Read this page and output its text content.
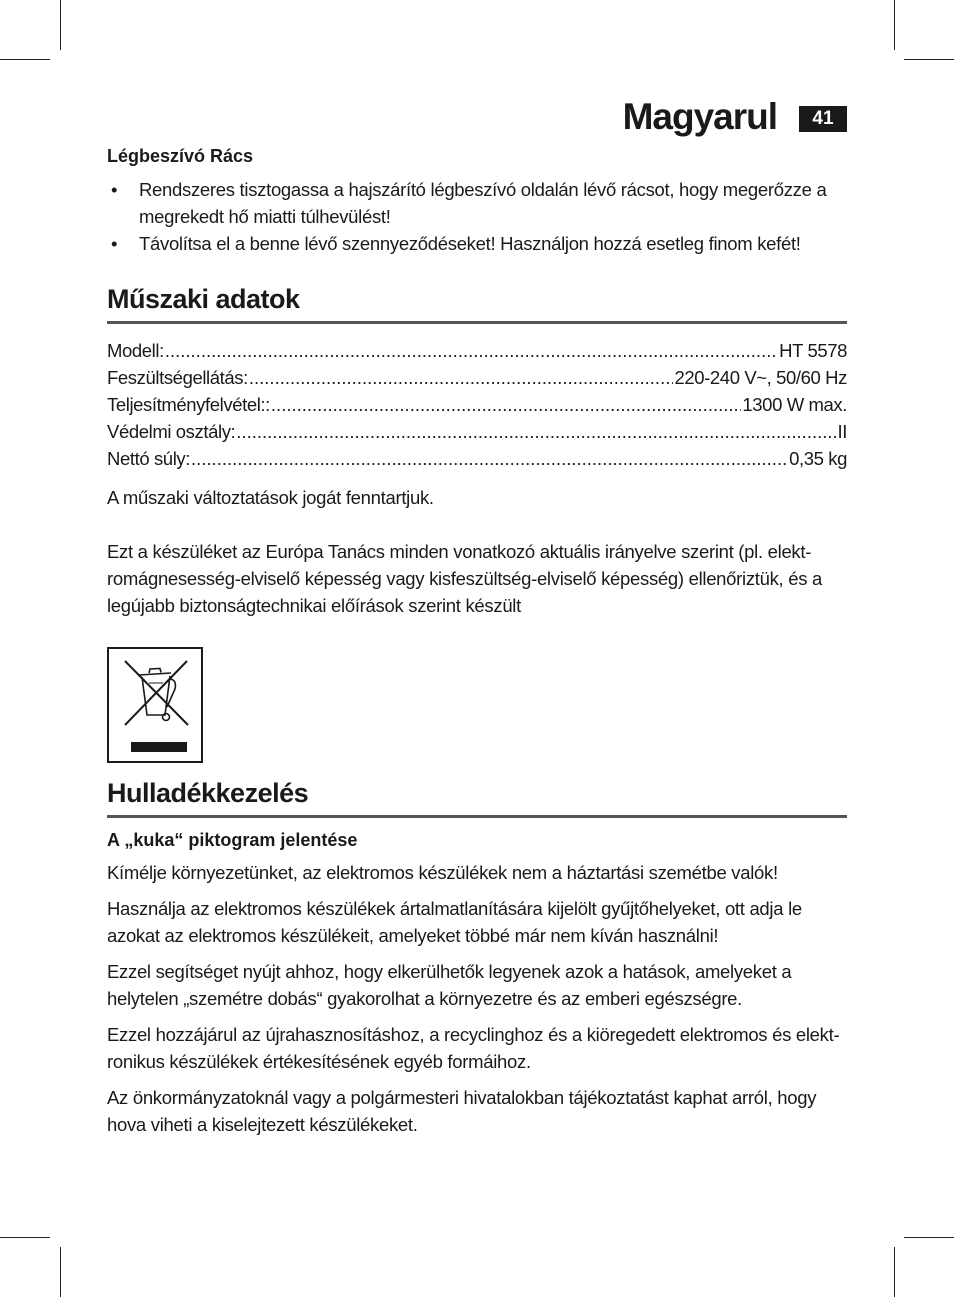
Magyarul	41
Légbeszívó Rács
• Rendszeres tisztogassa a hajszárító légbeszívó oldalán lévő rácsot, hogy megerőzze a megrekedt hő miatti túlhevülést!
• Távolítsa el a benne lévő szennyeződéseket! Használjon hozzá esetleg finom kefét!
Műszaki adatok
Modell: .....	HT 5578
Feszültségellátás: .....	220-240 V~, 50/60 Hz
Teljesítményfelvétel:: .....	1300 W max.
Védelmi osztály: .....	II
Nettó súly: .....	0,35 kg
A műszaki változtatások jogát fenntartjuk.
Ezt a készüléket az Európa Tanács minden vonatkozó aktuális irányelve szerint (pl. elekt-romágnesesség-elviselő képesség vagy kisfeszültség-elviselő képesség) ellenőriztük, és a legújabb biztonságtechnikai előírások szerint készült
Hulladékkezelés
A „kuka“ piktogram jelentése

Kímélje környezetünket, az elektromos készülékek nem a háztartási szemétbe valók!

Használja az elektromos készülékek ártalmatlanítására kijelölt gyűjtőhelyeket, ott adja le azokat az elektromos készülékeit, amelyeket többé már nem kíván használni!

Ezzel segítséget nyújt ahhoz, hogy elkerülhetők legyenek azok a hatások, amelyeket a helytelen „szemétre dobás“ gyakorolhat a környezetre és az emberi egészségre.

Ezzel hozzájárul az újrahasznosításhoz, a recyclinghoz és a kiöregedett elektromos és elekt-ronikus készülékek értékesítésének egyéb formáihoz.

Az önkormányzatoknál vagy a polgármesteri hivatalokban tájékoztatást kaphat arról, hogy hova viheti a kiselejtezett készülékeket.
